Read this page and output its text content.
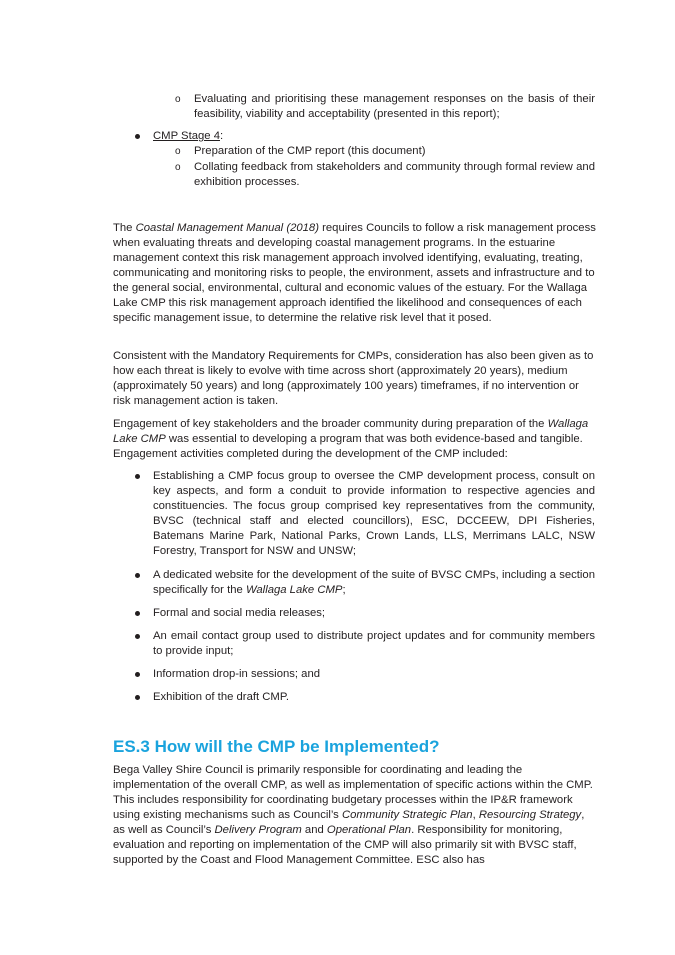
o Evaluating and prioritising these management responses on the basis of their feasibility, viability and acceptability (presented in this report);

CMP Stage 4:

o Preparation of the CMP report (this document)

o Collating feedback from stakeholders and community through formal review and exhibition processes.

The Coastal Management Manual (2018) requires Councils to follow a risk management process when evaluating threats and developing coastal management programs. In the estuarine management context this risk management approach involved identifying, evaluating, treating, communicating and monitoring risks to people, the environment, assets and infrastructure and to the general social, environmental, cultural and economic values of the estuary. For the Wallaga Lake CMP this risk management approach identified the likelihood and consequences of each specific management issue, to determine the relative risk level that it posed.

Consistent with the Mandatory Requirements for CMPs, consideration has also been given as to how each threat is likely to evolve with time across short (approximately 20 years), medium (approximately 50 years) and long (approximately 100 years) timeframes, if no intervention or risk management action is taken.

Engagement of key stakeholders and the broader community during preparation of the Wallaga Lake CMP was essential to developing a program that was both evidence-based and tangible. Engagement activities completed during the development of the CMP included:

Establishing a CMP focus group to oversee the CMP development process, consult on key aspects, and form a conduit to provide information to respective agencies and constituencies. The focus group comprised key representatives from the community, BVSC (technical staff and elected councillors), ESC, DCCEEW, DPI Fisheries, Batemans Marine Park, National Parks, Crown Lands, LLS, Merrimans LALC, NSW Forestry, Transport for NSW and UNSW;

A dedicated website for the development of the suite of BVSC CMPs, including a section specifically for the Wallaga Lake CMP;

Formal and social media releases;

An email contact group used to distribute project updates and for community members to provide input;

Information drop-in sessions; and

Exhibition of the draft CMP.

ES.3 How will the CMP be Implemented?

Bega Valley Shire Council is primarily responsible for coordinating and leading the implementation of the overall CMP, as well as implementation of specific actions within the CMP. This includes responsibility for coordinating budgetary processes within the IP&R framework using existing mechanisms such as Council’s Community Strategic Plan, Resourcing Strategy, as well as Council’s Delivery Program and Operational Plan. Responsibility for monitoring, evaluation and reporting on implementation of the CMP will also primarily sit with BVSC staff, supported by the Coast and Flood Management Committee. ESC also has
